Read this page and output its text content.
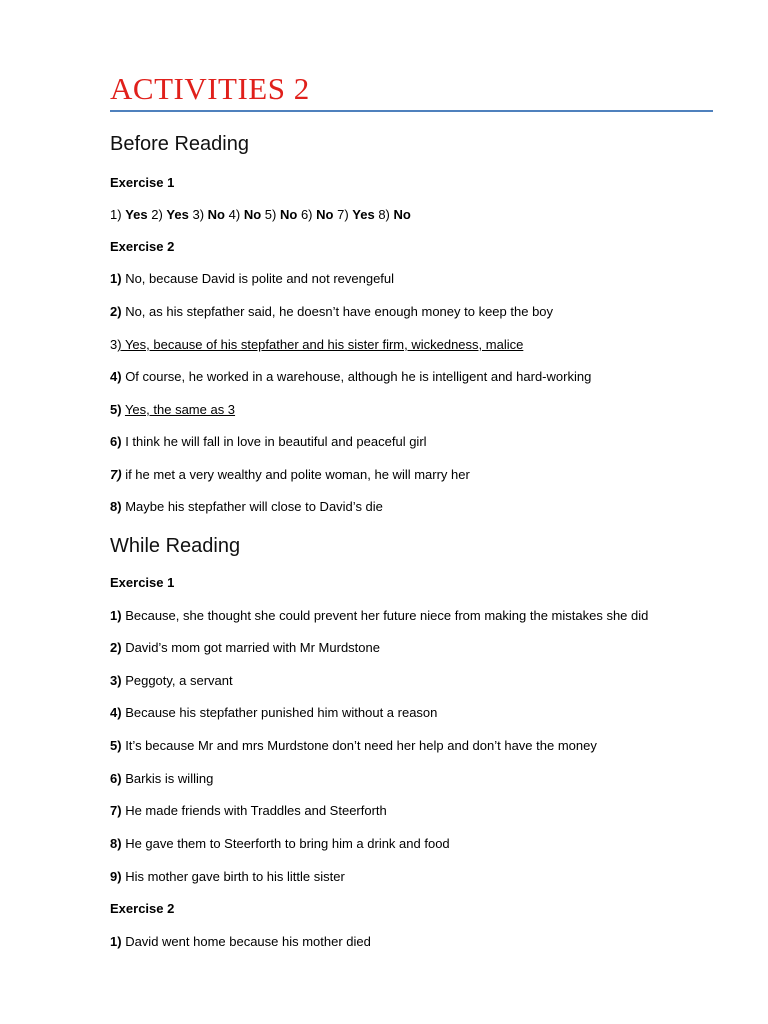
ACTIVITIES 2
Before Reading
Exercise 1
1) Yes 2) Yes 3) No 4) No 5) No 6) No 7) Yes 8) No
Exercise 2
1) No, because David is polite and not revengeful
2) No, as his stepfather said, he doesn’t have enough money to keep the boy
3) Yes, because of his stepfather and his sister firm, wickedness, malice
4) Of course, he worked in a warehouse, although he is intelligent and hard-working
5) Yes, the same as 3
6) I think he will fall in love in beautiful and peaceful girl
7) if he met a very wealthy and polite woman, he will marry her
8) Maybe his stepfather will close to David’s die
While Reading
Exercise 1
1) Because, she thought she could prevent her future niece from making the mistakes she did
2) David’s mom got married with Mr Murdstone
3) Peggoty, a servant
4) Because his stepfather punished him without a reason
5) It’s because Mr and mrs Murdstone don’t need her help and don’t have the money
6) Barkis is willing
7) He made friends with Traddles and Steerforth
8) He gave them to Steerforth to bring him a drink and food
9) His mother gave birth to his little sister
Exercise 2
1) David went home because his mother died
